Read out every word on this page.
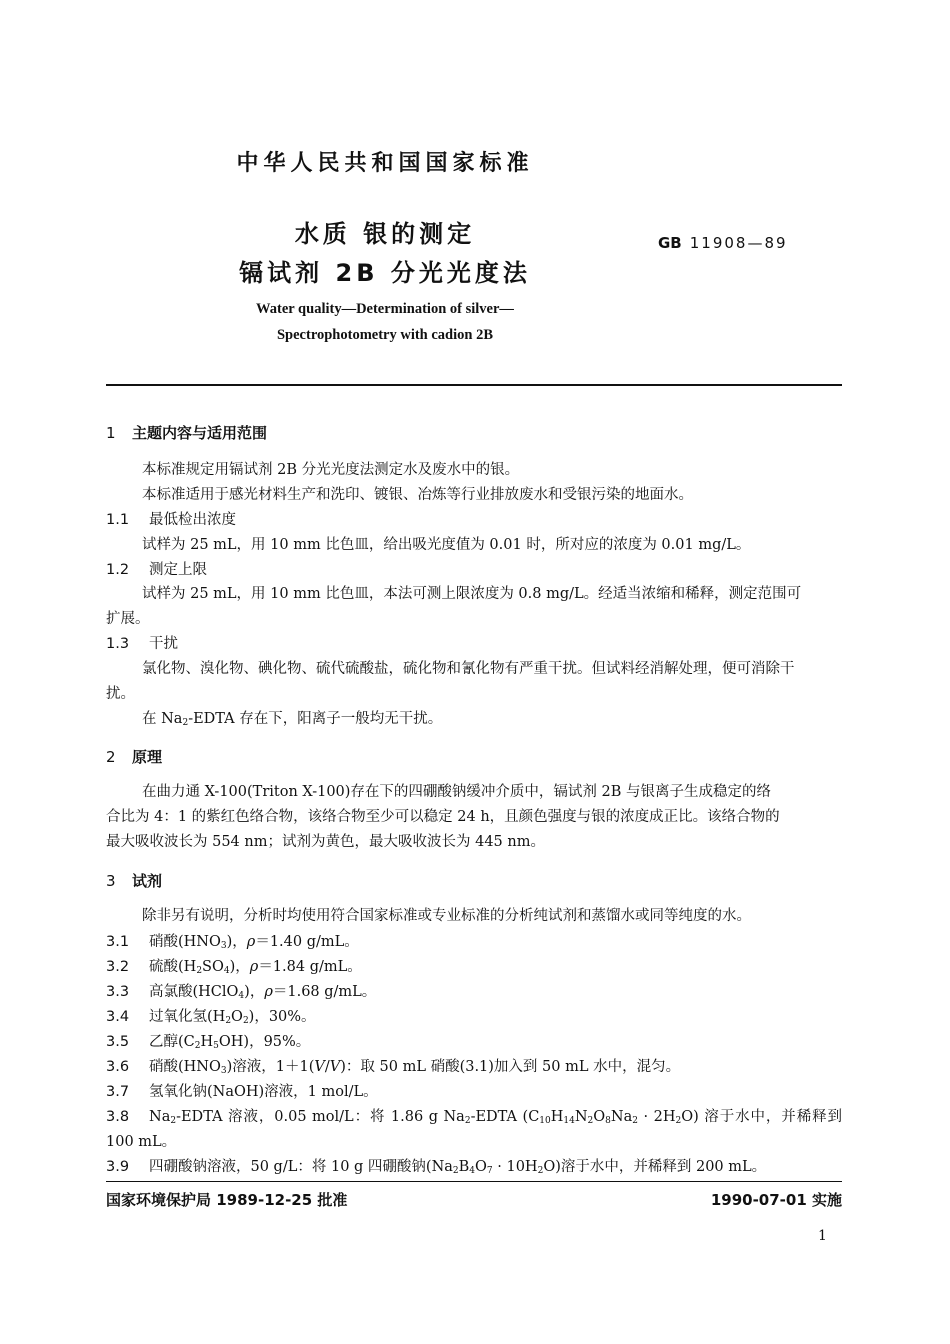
中华人民共和国国家标准
水质 银的测定
镉试剂 2B 分光光度法
GB 11908—89
Water quality—Determination of silver—
Spectrophotometry with cadion 2B
1 主题内容与适用范围
本标准规定用镉试剂 2B 分光光度法测定水及废水中的银。
本标准适用于感光材料生产和洗印、镀银、冶炼等行业排放废水和受银污染的地面水。
1.1 最低检出浓度
试样为 25 mL，用 10 mm 比色皿，给出吸光度值为 0.01 时，所对应的浓度为 0.01 mg/L。
1.2 测定上限
试样为 25 mL，用 10 mm 比色皿，本法可测上限浓度为 0.8 mg/L。经适当浓缩和稀释，测定范围可
扩展。
1.3 干扰
氯化物、溴化物、碘化物、硫代硫酸盐，硫化物和氰化物有严重干扰。但试料经消解处理，便可消除干
扰。
在 $Na_2$-EDTA 存在下，阳离子一般均无干扰。
2 原理
在曲力通 X-100(Triton X-100)存在下的四硼酸钠缓冲介质中，镉试剂 2B 与银离子生成稳定的络
合比为 4：1 的紫红色络合物，该络合物至少可以稳定 24 h，且颜色强度与银的浓度成正比。该络合物的
最大吸收波长为 554 nm；试剂为黄色，最大吸收波长为 445 nm。
3 试剂
除非另有说明，分析时均使用符合国家标准或专业标准的分析纯试剂和蒸馏水或同等纯度的水。
3.1 硝酸$(HNO_3)$，ρ＝1.40 g/mL。
3.2 硫酸$(H_2SO_4)$，ρ＝1.84 g/mL。
3.3 高氯酸(HClO$_4$)，ρ＝1.68 g/mL。
3.4 过氧化氢$(H_2O_2)$，30%。
3.5 乙醇$(C_2H_5OH)$，95%。
3.6 硝酸$(HNO_3)$溶液，1＋1(V/V)：取 50 mL 硝酸(3.1)加入到 50 mL 水中，混匀。
3.7 氢氧化钠(NaOH)溶液，1 mol/L。
3.8 $Na_2$-EDTA 溶液，0.05 mol/L：将 1.86 g $Na_2$-EDTA $(C_{10}H_{14}N_2O_8Na_2 \cdot 2H_2O)$ 溶于水中，并稀释到
100 mL。
3.9 四硼酸钠溶液，50 g/L：将 10 g 四硼酸钠$(Na_2B_4O_7 \cdot 10H_2O)$溶于水中，并稀释到 200 mL。
国家环境保护局 1989-12-25 批准	1990-07-01 实施
1
